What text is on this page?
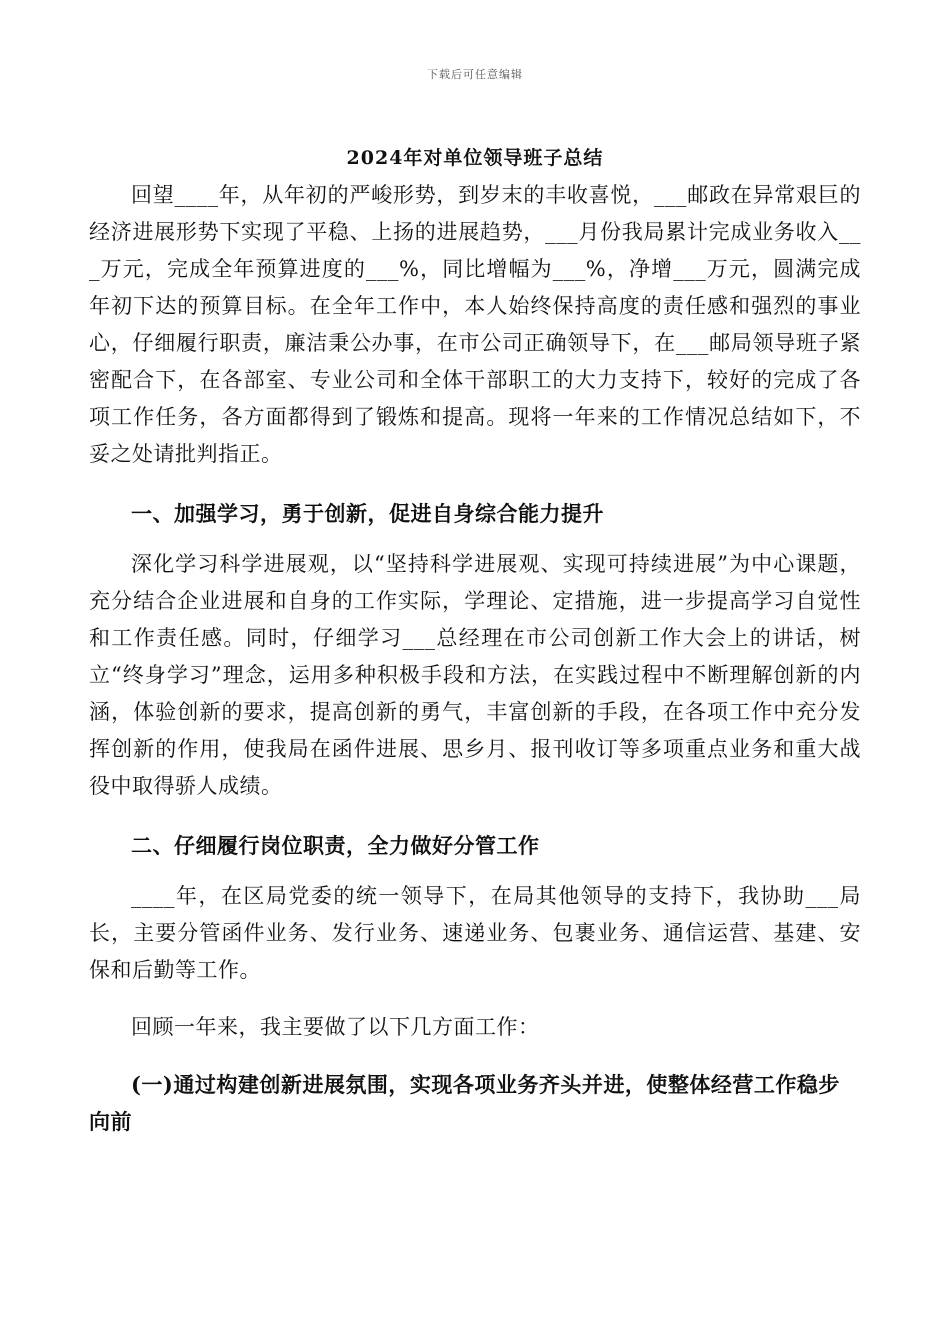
下载后可任意编辑
2024年对单位领导班子总结

回望____年，从年初的严峻形势，到岁末的丰收喜悦，___邮政在异常艰巨的经济进展形势下实现了平稳、上扬的进展趋势，___月份我局累计完成业务收入___万元，完成全年预算进度的___%，同比增幅为___%，净增___万元，圆满完成年初下达的预算目标。在全年工作中，本人始终保持高度的责任感和强烈的事业心，仔细履行职责，廉洁秉公办事，在市公司正确领导下，在___邮局领导班子紧密配合下，在各部室、专业公司和全体干部职工的大力支持下，较好的完成了各项工作任务，各方面都得到了锻炼和提高。现将一年来的工作情况总结如下，不妥之处请批判指正。

一、加强学习，勇于创新，促进自身综合能力提升

深化学习科学进展观，以“坚持科学进展观、实现可持续进展”为中心课题，充分结合企业进展和自身的工作实际，学理论、定措施，进一步提高学习自觉性和工作责任感。同时，仔细学习___总经理在市公司创新工作大会上的讲话，树立“终身学习”理念，运用多种积极手段和方法，在实践过程中不断理解创新的内涵，体验创新的要求，提高创新的勇气，丰富创新的手段，在各项工作中充分发挥创新的作用，使我局在函件进展、思乡月、报刊收订等多项重点业务和重大战役中取得骄人成绩。

二、仔细履行岗位职责，全力做好分管工作

____年，在区局党委的统一领导下，在局其他领导的支持下，我协助___局长，主要分管函件业务、发行业务、速递业务、包裹业务、通信运营、基建、安保和后勤等工作。

回顾一年来，我主要做了以下几方面工作：

(一)通过构建创新进展氛围，实现各项业务齐头并进，使整体经营工作稳步向前
